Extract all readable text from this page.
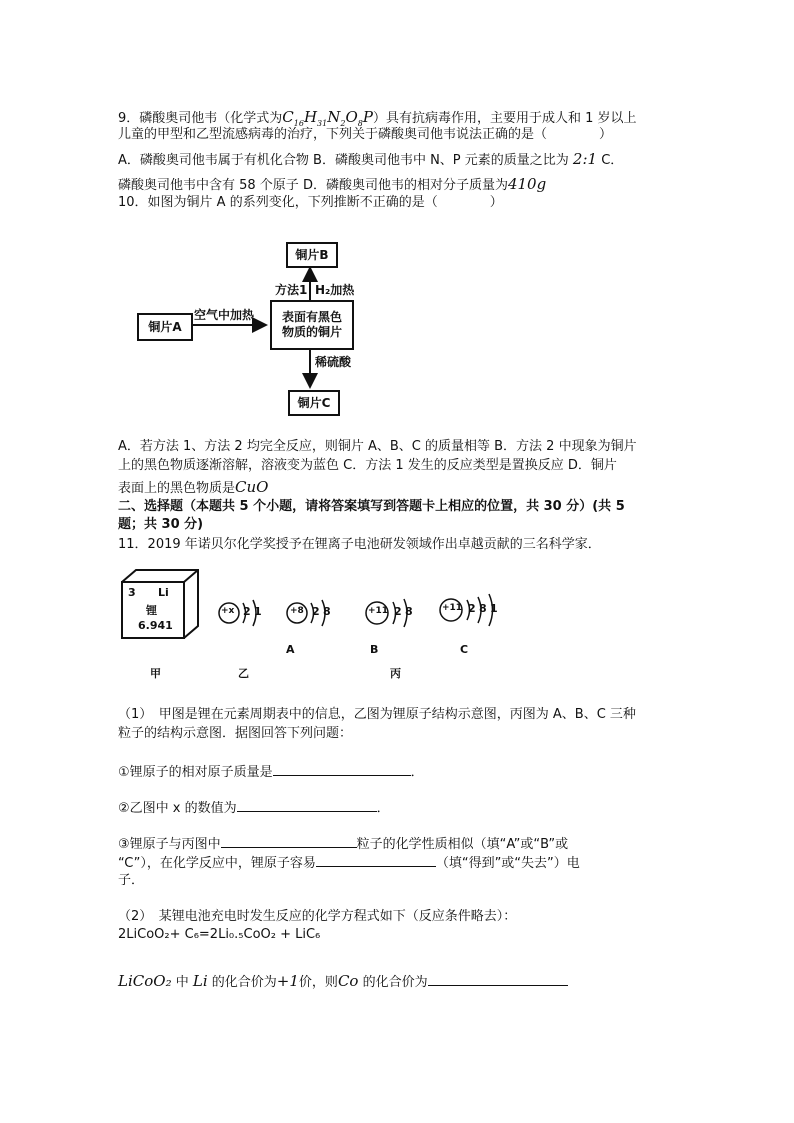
9．磷酸奥司他韦（化学式为$C_{16}H_{31}N_2O_8P$）具有抗病毒作用，主要用于成人和 1 岁以上
儿童的甲型和乙型流感病毒的治疗，下列关于磷酸奥司他韦说法正确的是（　　　　）
A．磷酸奥司他韦属于有机化合物 B．磷酸奥司他韦中 N、P 元素的质量之比为 2:1 C．
磷酸奥司他韦中含有 58 个原子 D．磷酸奥司他韦的相对分子质量为410g
10．如图为铜片 A 的系列变化，下列推断不正确的是（　　　　）
铜片A
铜片B
铜片C
表面有黑色
物质的铜片
空气中加热
方法1 H₂加热
稀硫酸
A．若方法 1、方法 2 均完全反应，则铜片 A、B、C 的质量相等 B．方法 2 中现象为铜片
上的黑色物质逐渐溶解，溶液变为蓝色 C．方法 1 发生的反应类型是置换反应 D．铜片
表面上的黑色物质是CuO
二、选择题（本题共 5 个小题，请将答案填写到答题卡上相应的位置，共 30 分）(共 5
题；共 30 分)
11．2019 年诺贝尔化学奖授予在锂离子电池研发领域作出卓越贡献的三名科学家．
3 Li
锂
6.941
+x 2 1	+8 2 8	+11 2 8	+11 2 8 1
A	B	C
甲	乙	丙
（1）　甲图是锂在元素周期表中的信息，乙图为锂原子结构示意图，丙图为 A、B、C 三种
粒子的结构示意图．据图回答下列问题：
①锂原子的相对原子质量是	．
②乙图中 x 的数值为	．
③锂原子与丙图中	粒子的化学性质相似（填“A”或“B”或
“C”），在化学反应中，锂原子容易	（填“得到”或“失去”）电
子．
（2）　某锂电池充电时发生反应的化学方程式如下（反应条件略去）：
2LiCoO₂+ C₆=2Li₀.₅CoO₂ + LiC₆
LiCoO₂ 中 Li 的化合价为+1价，则Co 的化合价为
